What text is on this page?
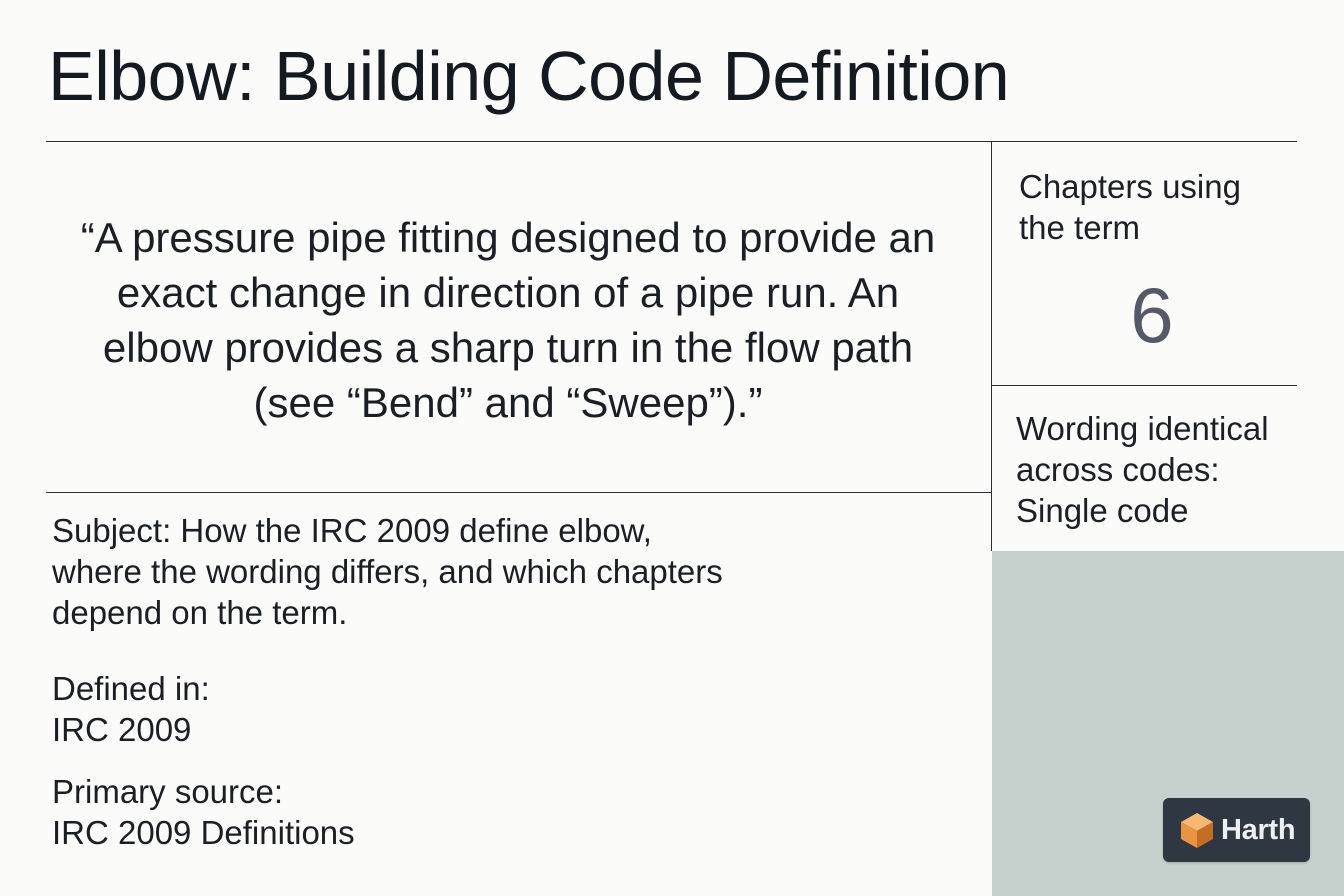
Elbow: Building Code Definition

“A pressure pipe fitting designed to provide an exact change in direction of a pipe run. An elbow provides a sharp turn in the flow path (see “Bend” and “Sweep”).”

Chapters using the term

6

Wording identical across codes: Single code

Subject: How the IRC 2009 define elbow, where the wording differs, and which chapters depend on the term.

Defined in:

IRC 2009

Primary source:

IRC 2009 Definitions	Harth
